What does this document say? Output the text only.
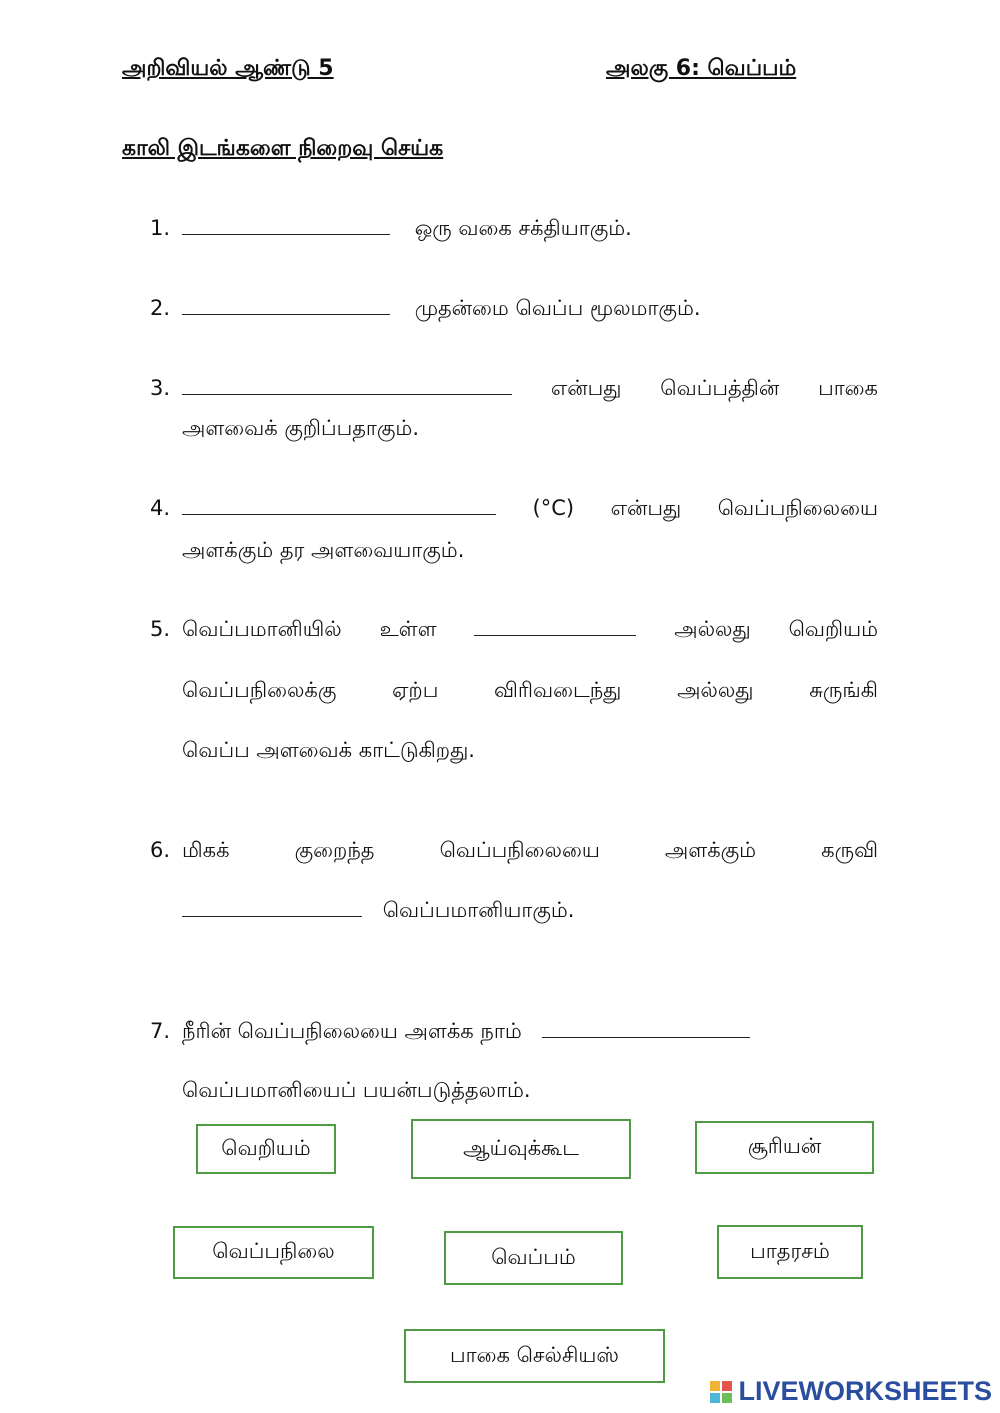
அறிவியல் ஆண்டு 5	அலகு 6: வெப்பம்
காலி இடங்களை நிறைவு செய்க
1.	ஒரு வகை சக்தியாகும்.
2.	முதன்மை வெப்ப மூலமாகும்.
3.	என்பது வெப்பத்தின் பாகை
அளவைக் குறிப்பதாகும்.
4.	(°C) என்பது வெப்பநிலையை
அளக்கும் தர அளவையாகும்.
5. வெப்பமானியில் உள்ள	அல்லது வெறியம்
வெப்பநிலைக்கு	ஏற்ப	விரிவடைந்து	அல்லது	சுருங்கி
வெப்ப அளவைக் காட்டுகிறது.
6. மிகக்	குறைந்த	வெப்பநிலையை	அளக்கும்	கருவி
வெப்பமானியாகும்.
7. நீரின் வெப்பநிலையை அளக்க நாம்
வெப்பமானியைப் பயன்படுத்தலாம்.
வெறியம்	ஆய்வுக்கூட	சூரியன்
வெப்பநிலை	வெப்பம்	பாதரசம்
பாகை செல்சியஸ்
LIVEWORKSHEETS
